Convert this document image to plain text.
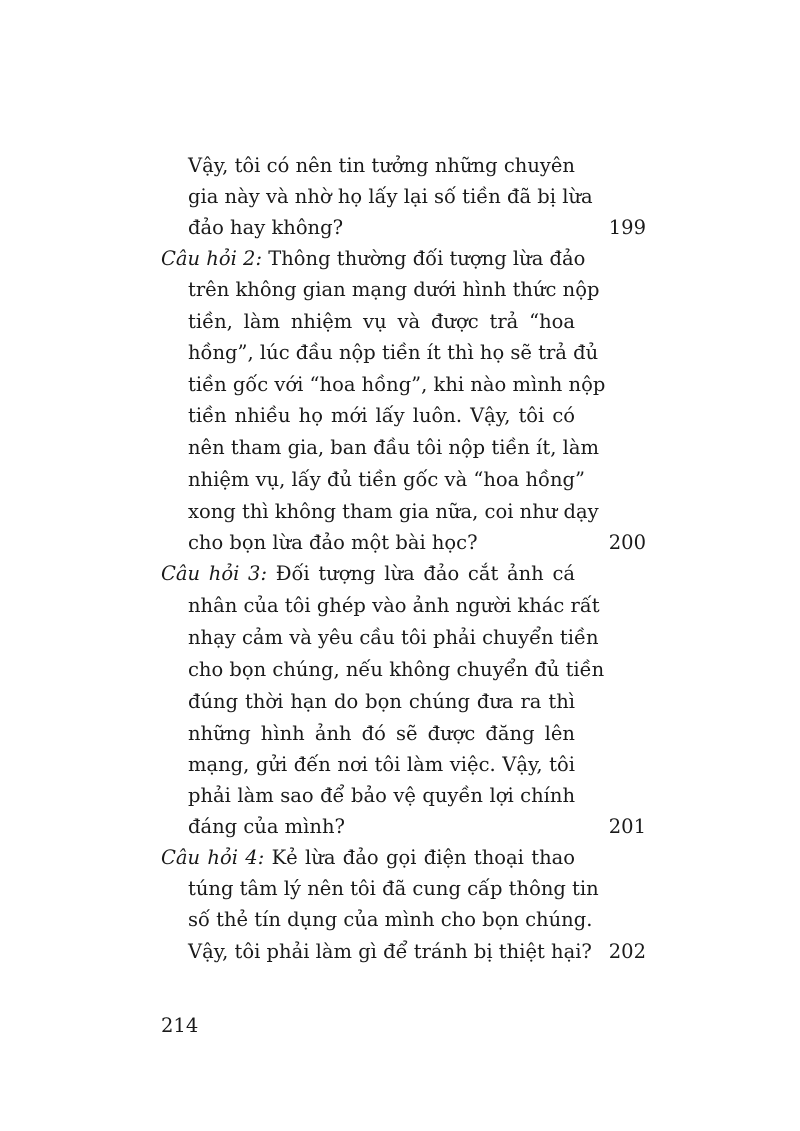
Vậy, tôi có nên tin tưởng những chuyên
gia này và nhờ họ lấy lại số tiền đã bị lừa
đảo hay không?	199
Câu hỏi 2: Thông thường đối tượng lừa đảo
trên không gian mạng dưới hình thức nộp
tiền, làm nhiệm vụ và được trả “hoa
hồng”, lúc đầu nộp tiền ít thì họ sẽ trả đủ
tiền gốc với “hoa hồng”, khi nào mình nộp
tiền nhiều họ mới lấy luôn. Vậy, tôi có
nên tham gia, ban đầu tôi nộp tiền ít, làm
nhiệm vụ, lấy đủ tiền gốc và “hoa hồng”
xong thì không tham gia nữa, coi như dạy
cho bọn lừa đảo một bài học?	200
Câu hỏi 3: Đối tượng lừa đảo cắt ảnh cá
nhân của tôi ghép vào ảnh người khác rất
nhạy cảm và yêu cầu tôi phải chuyển tiền
cho bọn chúng, nếu không chuyển đủ tiền
đúng thời hạn do bọn chúng đưa ra thì
những hình ảnh đó sẽ được đăng lên
mạng, gửi đến nơi tôi làm việc. Vậy, tôi
phải làm sao để bảo vệ quyền lợi chính
đáng của mình?	201
Câu hỏi 4: Kẻ lừa đảo gọi điện thoại thao
túng tâm lý nên tôi đã cung cấp thông tin
số thẻ tín dụng của mình cho bọn chúng.
Vậy, tôi phải làm gì để tránh bị thiệt hại? 202
214
